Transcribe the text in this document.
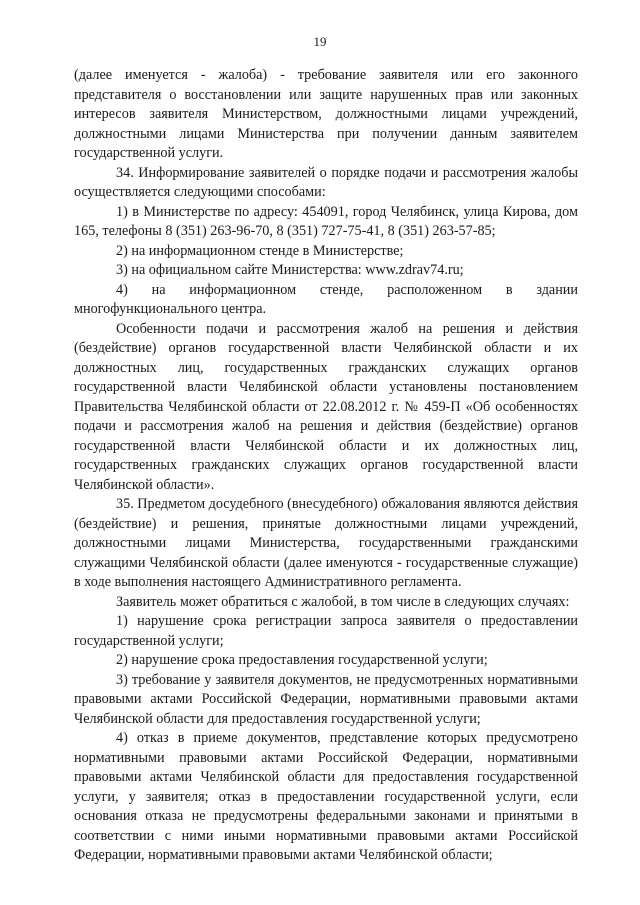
19

(далее именуется - жалоба) - требование заявителя или его законного представителя о восстановлении или защите нарушенных прав или законных интересов заявителя Министерством, должностными лицами учреждений, должностными лицами Министерства при получении данным заявителем государственной услуги.

34. Информирование заявителей о порядке подачи и рассмотрения жалобы осуществляется следующими способами:

1) в Министерстве по адресу: 454091, город Челябинск, улица Кирова, дом 165, телефоны 8 (351) 263-96-70, 8 (351) 727-75-41, 8 (351) 263-57-85;

2) на информационном стенде в Министерстве;

3) на официальном сайте Министерства: www.zdrav74.ru;

4) на информационном стенде, расположенном в здании многофункционального центра.

Особенности подачи и рассмотрения жалоб на решения и действия (бездействие) органов государственной власти Челябинской области и их должностных лиц, государственных гражданских служащих органов государственной власти Челябинской области установлены постановлением Правительства Челябинской области от 22.08.2012 г. № 459-П «Об особенностях подачи и рассмотрения жалоб на решения и действия (бездействие) органов государственной власти Челябинской области и их должностных лиц, государственных гражданских служащих органов государственной власти Челябинской области».

35. Предметом досудебного (внесудебного) обжалования являются действия (бездействие) и решения, принятые должностными лицами учреждений, должностными лицами Министерства, государственными гражданскими служащими Челябинской области (далее именуются - государственные служащие) в ходе выполнения настоящего Административного регламента.

Заявитель может обратиться с жалобой, в том числе в следующих случаях:

1) нарушение срока регистрации запроса заявителя о предоставлении государственной услуги;

2) нарушение срока предоставления государственной услуги;

3) требование у заявителя документов, не предусмотренных нормативными правовыми актами Российской Федерации, нормативными правовыми актами Челябинской области для предоставления государственной услуги;

4) отказ в приеме документов, представление которых предусмотрено нормативными правовыми актами Российской Федерации, нормативными правовыми актами Челябинской области для предоставления государственной услуги, у заявителя; отказ в предоставлении государственной услуги, если основания отказа не предусмотрены федеральными законами и принятыми в соответствии с ними иными нормативными правовыми актами Российской Федерации, нормативными правовыми актами Челябинской области;
